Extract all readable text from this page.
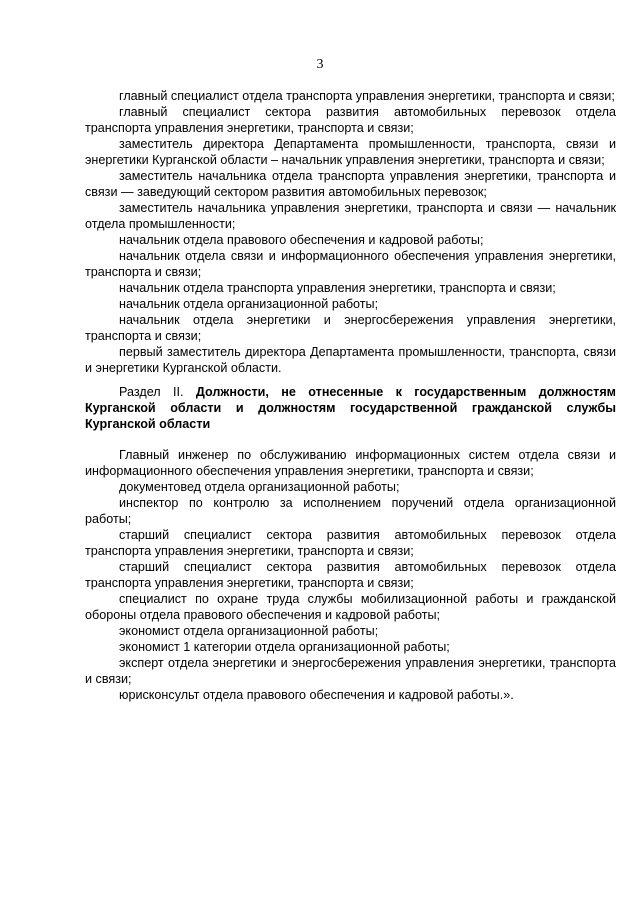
3

главный специалист отдела транспорта управления энергетики, транспорта и связи;

главный специалист сектора развития автомобильных перевозок отдела транспорта управления энергетики, транспорта и связи;

заместитель директора Департамента промышленности, транспорта, связи и энергетики Курганской области – начальник управления энергетики, транспорта и связи;

заместитель начальника отдела транспорта управления энергетики, транспорта и связи — заведующий сектором развития автомобильных перевозок;

заместитель начальника управления энергетики, транспорта и связи — начальник отдела промышленности;

начальник отдела правового обеспечения и кадровой работы;

начальник отдела связи и информационного обеспечения управления энергетики, транспорта и связи;

начальник отдела транспорта управления энергетики, транспорта и связи;

начальник отдела организационной работы;

начальник отдела энергетики и энергосбережения управления энергетики, транспорта и связи;

первый заместитель директора Департамента промышленности, транспорта, связи и энергетики Курганской области.

Раздел II. Должности, не отнесенные к государственным должностям Курганской области и должностям государственной гражданской службы Курганской области

Главный инженер по обслуживанию информационных систем отдела связи и информационного обеспечения управления энергетики, транспорта и связи;

документовед отдела организационной работы;

инспектор по контролю за исполнением поручений отдела организационной работы;

старший специалист сектора развития автомобильных перевозок отдела транспорта управления энергетики, транспорта и связи;

старший специалист сектора развития автомобильных перевозок отдела транспорта управления энергетики, транспорта и связи;

специалист по охране труда службы мобилизационной работы и гражданской обороны отдела правового обеспечения и кадровой работы;

экономист отдела организационной работы;

экономист 1 категории отдела организационной работы;

эксперт отдела энергетики и энергосбережения управления энергетики, транспорта и связи;

юрисконсульт отдела правового обеспечения и кадровой работы.».
